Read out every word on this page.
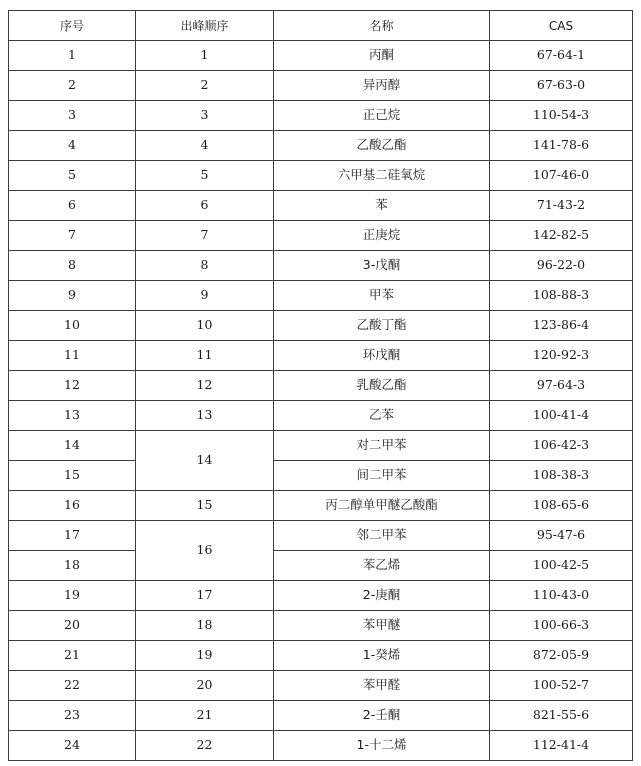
序号	出峰顺序	名称	CAS
1	1	丙酮	67-64-1
2	2	异丙醇	67-63-0
3	3	正己烷	110-54-3
4	4	乙酸乙酯	141-78-6
5	5	六甲基二硅氧烷	107-46-0
6	6	苯	71-43-2
7	7	正庚烷	142-82-5
8	8	3-戊酮	96-22-0
9	9	甲苯	108-88-3
10	10	乙酸丁酯	123-86-4
11	11	环戊酮	120-92-3
12	12	乳酸乙酯	97-64-3
13	13	乙苯	100-41-4
14	14	对二甲苯	106-42-3
15		间二甲苯	108-38-3
16	15	丙二醇单甲醚乙酸酯	108-65-6
17	16	邻二甲苯	95-47-6
18		苯乙烯	100-42-5
19	17	2-庚酮	110-43-0
20	18	苯甲醚	100-66-3
21	19	1-癸烯	872-05-9
22	20	苯甲醛	100-52-7
23	21	2-壬酮	821-55-6
24	22	1-十二烯	112-41-4
